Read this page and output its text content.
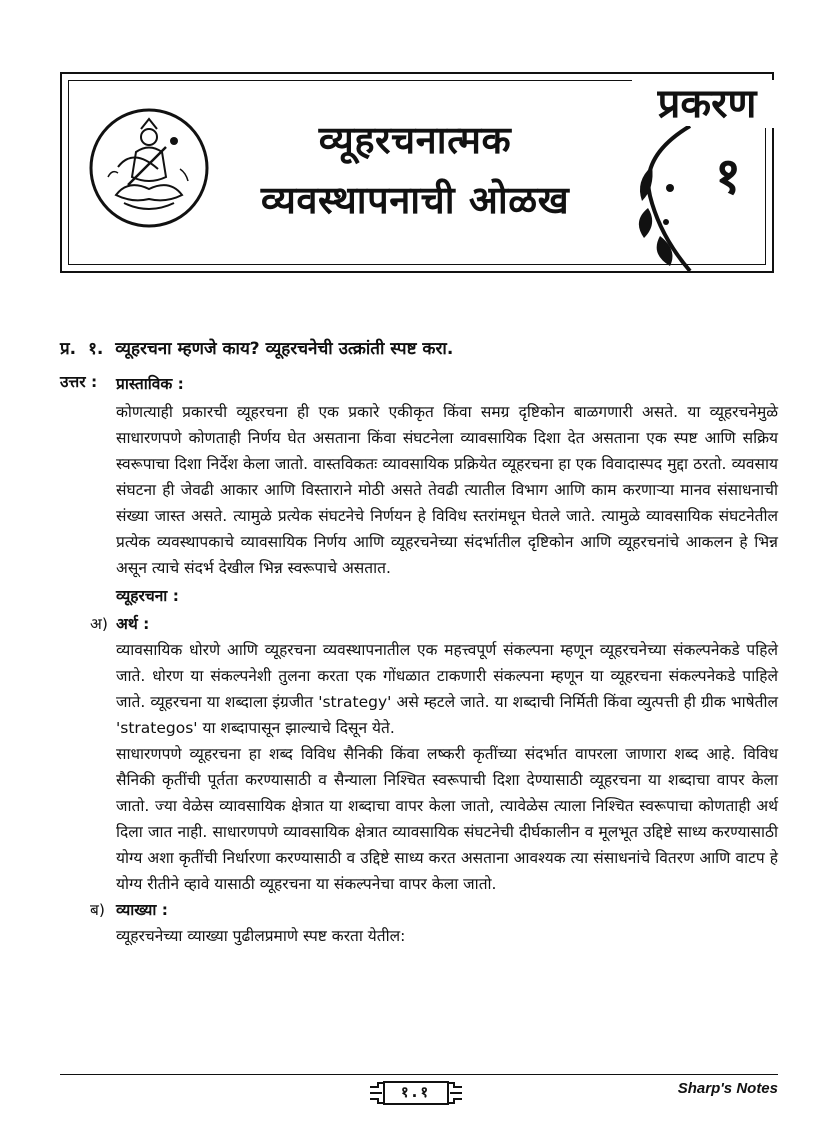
व्यूहरचनात्मक
व्यवस्थापनाची ओळख
प्रकरण
१
प्र. १. व्यूहरचना म्हणजे काय? व्यूहरचनेची उत्क्रांती स्पष्ट करा.
उत्तर :	प्रास्ताविक :

कोणत्याही प्रकारची व्यूहरचना ही एक प्रकारे एकीकृत किंवा समग्र दृष्टिकोन बाळगणारी असते. या व्यूहरचनेमुळे साधारणपणे कोणताही निर्णय घेत असताना किंवा संघटनेला व्यावसायिक दिशा देत असताना एक स्पष्ट आणि सक्रिय स्वरूपाचा दिशा निर्देश केला जातो. वास्तविकतः व्यावसायिक प्रक्रियेत व्यूहरचना हा एक विवादास्पद मुद्दा ठरतो. व्यवसाय संघटना ही जेवढी आकार आणि विस्ताराने मोठी असते तेवढी त्यातील विभाग आणि काम करणाऱ्या मानव संसाधनाची संख्या जास्त असते. त्यामुळे प्रत्येक संघटनेचे निर्णयन हे विविध स्तरांमधून घेतले जाते. त्यामुळे व्यावसायिक संघटनेतील प्रत्येक व्यवस्थापकाचे व्यावसायिक निर्णय आणि व्यूहरचनेच्या संदर्भातील दृष्टिकोन आणि व्यूहरचनांचे आकलन हे भिन्न असून त्याचे संदर्भ देखील भिन्न स्वरूपाचे असतात.

व्यूहरचना :
अ) अर्थ :

व्यावसायिक धोरणे आणि व्यूहरचना व्यवस्थापनातील एक महत्त्वपूर्ण संकल्पना म्हणून व्यूहरचनेच्या संकल्पनेकडे पहिले जाते. धोरण या संकल्पनेशी तुलना करता एक गोंधळात टाकणारी संकल्पना म्हणून या व्यूहरचना संकल्पनेकडे पाहिले जाते. व्यूहरचना या शब्दाला इंग्रजीत 'strategy' असे म्हटले जाते. या शब्दाची निर्मिती किंवा व्युत्पत्ती ही ग्रीक भाषेतील 'strategos' या शब्दापासून झाल्याचे दिसून येते.

साधारणपणे व्यूहरचना हा शब्द विविध सैनिकी किंवा लष्करी कृतींच्या संदर्भात वापरला जाणारा शब्द आहे. विविध सैनिकी कृतींची पूर्तता करण्यासाठी व सैन्याला निश्चित स्वरूपाची दिशा देण्यासाठी व्यूहरचना या शब्दाचा वापर केला जातो. ज्या वेळेस व्यावसायिक क्षेत्रात या शब्दाचा वापर केला जातो, त्यावेळेस त्याला निश्चित स्वरूपाचा कोणताही अर्थ दिला जात नाही. साधारणपणे व्यावसायिक क्षेत्रात व्यावसायिक संघटनेची दीर्घकालीन व मूलभूत उद्दिष्टे साध्य करण्यासाठी योग्य अशा कृतींची निर्धारणा करण्यासाठी व उद्दिष्टे साध्य करत असताना आवश्यक त्या संसाधनांचे वितरण आणि वाटप हे योग्य रीतीने व्हावे यासाठी व्यूहरचना या संकल्पनेचा वापर केला जातो.

ब) व्याख्या :

व्यूहरचनेच्या व्याख्या पुढीलप्रमाणे स्पष्ट करता येतील:

१.१	Sharp's Notes
